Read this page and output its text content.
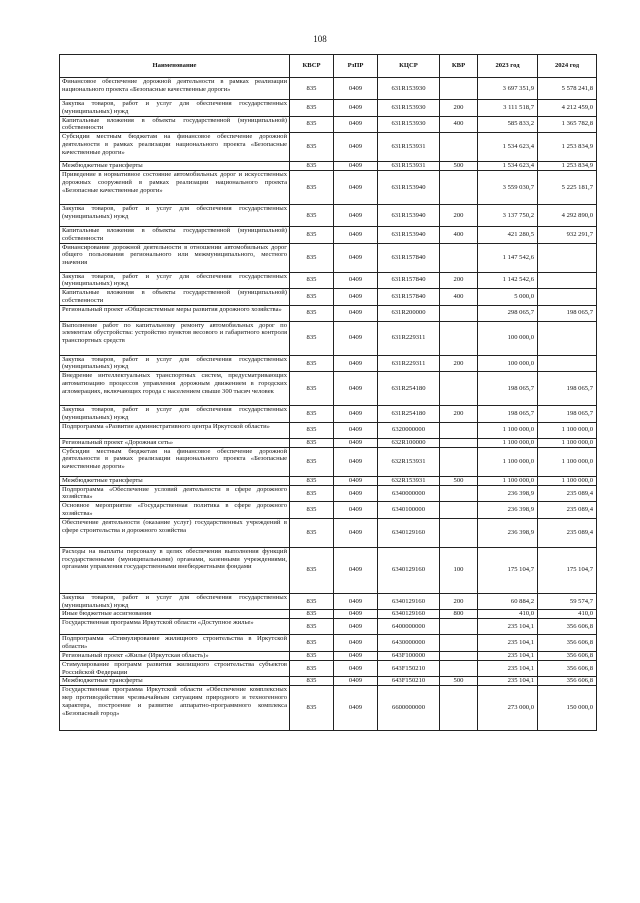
108
Наименование	КВСР	РзПР	КЦСР	КВР	2023 год	2024 год
Финансовое обеспечение дорожной деятельности в рамках реализации национального проекта «Безопасные качественные дороги»	835	0409	631R153930		3 697 351,9	5 578 241,8
Закупка товаров, работ и услуг для обеспечения государственных (муниципальных) нужд	835	0409	631R153930	200	3 111 518,7	4 212 459,0
Капитальные вложения в объекты государственной (муниципальной) собственности	835	0409	631R153930	400	585 833,2	1 365 782,8
Субсидии местным бюджетам на финансовое обеспечение дорожной деятельности в рамках реализации национального проекта «Безопасные качественные дороги»	835	0409	631R153931		1 534 623,4	1 253 834,9
Межбюджетные трансферты	835	0409	631R153931	500	1 534 623,4	1 253 834,9
Приведение в нормативное состояние автомобильных дорог и искусственных дорожных сооружений в рамках реализации национального проекта «Безопасные качественные дороги»	835	0409	631R153940		3 559 030,7	5 225 181,7
Закупка товаров, работ и услуг для обеспечения государственных (муниципальных) нужд	835	0409	631R153940	200	3 137 750,2	4 292 890,0
Капитальные вложения в объекты государственной (муниципальной) собственности	835	0409	631R153940	400	421 280,5	932 291,7
Финансирование дорожной деятельности в отношении автомобильных дорог общего пользования регионального или межмуниципального, местного значения	835	0409	631R157840		1 147 542,6	
Закупка товаров, работ и услуг для обеспечения государственных (муниципальных) нужд	835	0409	631R157840	200	1 142 542,6	
Капитальные вложения в объекты государственной (муниципальной) собственности	835	0409	631R157840	400	5 000,0	
Региональный проект «Общесистемные меры развития дорожного хозяйства»	835	0409	631R200000		298 065,7	198 065,7
Выполнение работ по капитальному ремонту автомобильных дорог по элементам обустройства: устройство пунктов весового и габаритного контроля транспортных средств	835	0409	631R229311		100 000,0	
Закупка товаров, работ и услуг для обеспечения государственных (муниципальных) нужд	835	0409	631R229311	200	100 000,0	
Внедрение интеллектуальных транспортных систем, предусматривающих автоматизацию процессов управления дорожным движением в городских агломерациях, включающих города с населением свыше 300 тысяч человек	835	0409	631R254180		198 065,7	198 065,7
Закупка товаров, работ и услуг для обеспечения государственных (муниципальных) нужд	835	0409	631R254180	200	198 065,7	198 065,7
Подпрограмма «Развитие административного центра Иркутской области»	835	0409	6320000000		1 100 000,0	1 100 000,0
Региональный проект «Дорожная сеть»	835	0409	632R100000		1 100 000,0	1 100 000,0
Субсидии местным бюджетам на финансовое обеспечение дорожной деятельности в рамках реализации национального проекта «Безопасные качественные дороги»	835	0409	632R153931		1 100 000,0	1 100 000,0
Межбюджетные трансферты	835	0409	632R153931	500	1 100 000,0	1 100 000,0
Подпрограмма «Обеспечение условий деятельности в сфере дорожного хозяйства»	835	0409	6340000000		236 398,9	235 089,4
Основное мероприятие «Государственная политика в сфере дорожного хозяйства»	835	0409	6340100000		236 398,9	235 089,4
Обеспечение деятельности (оказание услуг) государственных учреждений в сфере строительства и дорожного хозяйства	835	0409	6340129160		236 398,9	235 089,4
Расходы на выплаты персоналу в целях обеспечения выполнения функций государственными (муниципальными) органами, казенными учреждениями, органами управления государственными внебюджетными фондами	835	0409	6340129160	100	175 104,7	175 104,7
Закупка товаров, работ и услуг для обеспечения государственных (муниципальных) нужд	835	0409	6340129160	200	60 884,2	59 574,7
Иные бюджетные ассигнования	835	0409	6340129160	800	410,0	410,0
Государственная программа Иркутской области «Доступное жилье»	835	0409	6400000000		235 104,1	356 606,8
Подпрограмма «Стимулирование жилищного строительства в Иркутской области»	835	0409	6430000000		235 104,1	356 606,8
Региональный проект «Жилье (Иркутская область)»	835	0409	643F100000		235 104,1	356 606,8
Стимулирование программ развития жилищного строительства субъектов Российской Федерации	835	0409	643F150210		235 104,1	356 606,8
Межбюджетные трансферты	835	0409	643F150210	500	235 104,1	356 606,8
Государственная программа Иркутской области «Обеспечение комплексных мер противодействия чрезвычайным ситуациям природного и техногенного характера, построение и развитие аппаратно-программного комплекса «Безопасный город»	835	0409	6600000000		273 000,0	150 000,0
